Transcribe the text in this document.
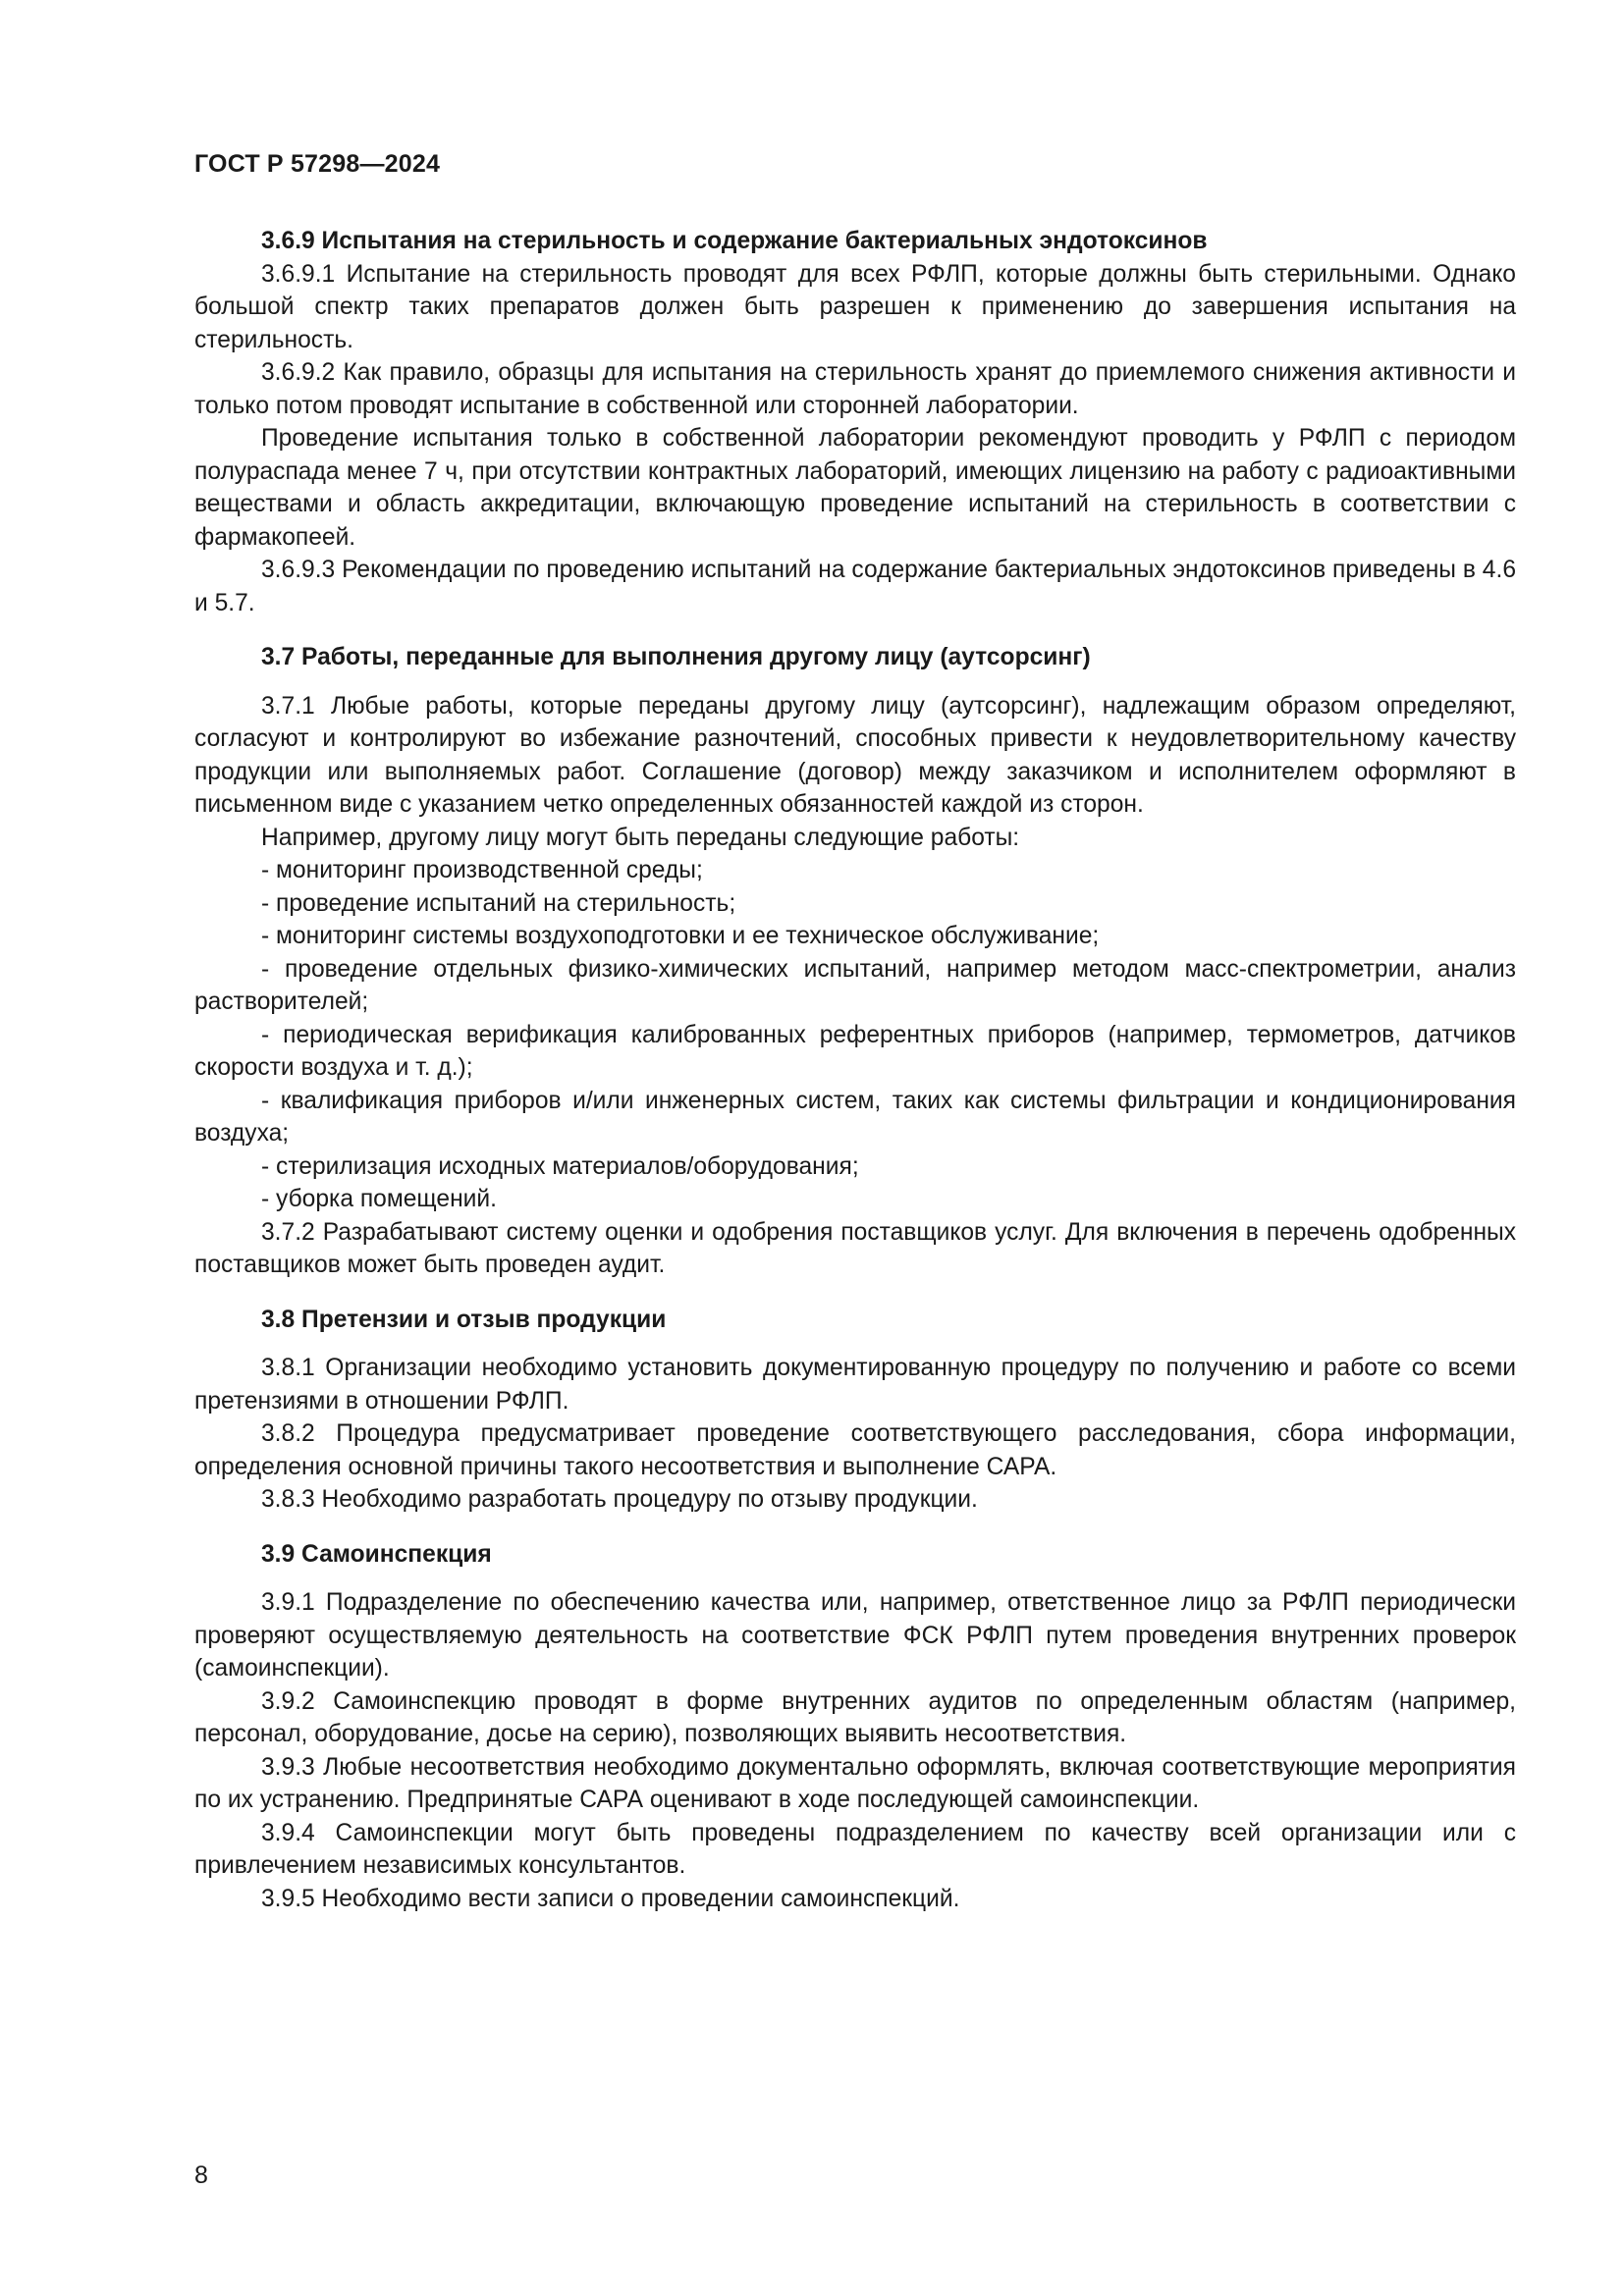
ГОСТ Р 57298—2024
3.6.9 Испытания на стерильность и содержание бактериальных эндотоксинов

3.6.9.1 Испытание на стерильность проводят для всех РФЛП, которые должны быть стерильными. Однако большой спектр таких препаратов должен быть разрешен к применению до завершения испытания на стерильность.

3.6.9.2 Как правило, образцы для испытания на стерильность хранят до приемлемого снижения активности и только потом проводят испытание в собственной или сторонней лаборатории.

Проведение испытания только в собственной лаборатории рекомендуют проводить у РФЛП с периодом полураспада менее 7 ч, при отсутствии контрактных лабораторий, имеющих лицензию на работу с радиоактивными веществами и область аккредитации, включающую проведение испытаний на стерильность в соответствии с фармакопеей.

3.6.9.3 Рекомендации по проведению испытаний на содержание бактериальных эндотоксинов приведены в 4.6 и 5.7.

3.7 Работы, переданные для выполнения другому лицу (аутсорсинг)

3.7.1 Любые работы, которые переданы другому лицу (аутсорсинг), надлежащим образом определяют, согласуют и контролируют во избежание разночтений, способных привести к неудовлетворительному качеству продукции или выполняемых работ. Соглашение (договор) между заказчиком и исполнителем оформляют в письменном виде с указанием четко определенных обязанностей каждой из сторон.

Например, другому лицу могут быть переданы следующие работы:

- мониторинг производственной среды;

- проведение испытаний на стерильность;

- мониторинг системы воздухоподготовки и ее техническое обслуживание;

- проведение отдельных физико-химических испытаний, например методом масс-спектрометрии, анализ растворителей;

- периодическая верификация калиброванных референтных приборов (например, термометров, датчиков скорости воздуха и т. д.);

- квалификация приборов и/или инженерных систем, таких как системы фильтрации и кондиционирования воздуха;

- стерилизация исходных материалов/оборудования;

- уборка помещений.

3.7.2 Разрабатывают систему оценки и одобрения поставщиков услуг. Для включения в перечень одобренных поставщиков может быть проведен аудит.

3.8 Претензии и отзыв продукции

3.8.1 Организации необходимо установить документированную процедуру по получению и работе со всеми претензиями в отношении РФЛП.

3.8.2 Процедура предусматривает проведение соответствующего расследования, сбора информации, определения основной причины такого несоответствия и выполнение САРА.

3.8.3 Необходимо разработать процедуру по отзыву продукции.

3.9 Самоинспекция

3.9.1 Подразделение по обеспечению качества или, например, ответственное лицо за РФЛП периодически проверяют осуществляемую деятельность на соответствие ФСК РФЛП путем проведения внутренних проверок (самоинспекции).

3.9.2 Самоинспекцию проводят в форме внутренних аудитов по определенным областям (например, персонал, оборудование, досье на серию), позволяющих выявить несоответствия.

3.9.3 Любые несоответствия необходимо документально оформлять, включая соответствующие мероприятия по их устранению. Предпринятые САРА оценивают в ходе последующей самоинспекции.

3.9.4 Самоинспекции могут быть проведены подразделением по качеству всей организации или с привлечением независимых консультантов.

3.9.5 Необходимо вести записи о проведении самоинспекций.

8
